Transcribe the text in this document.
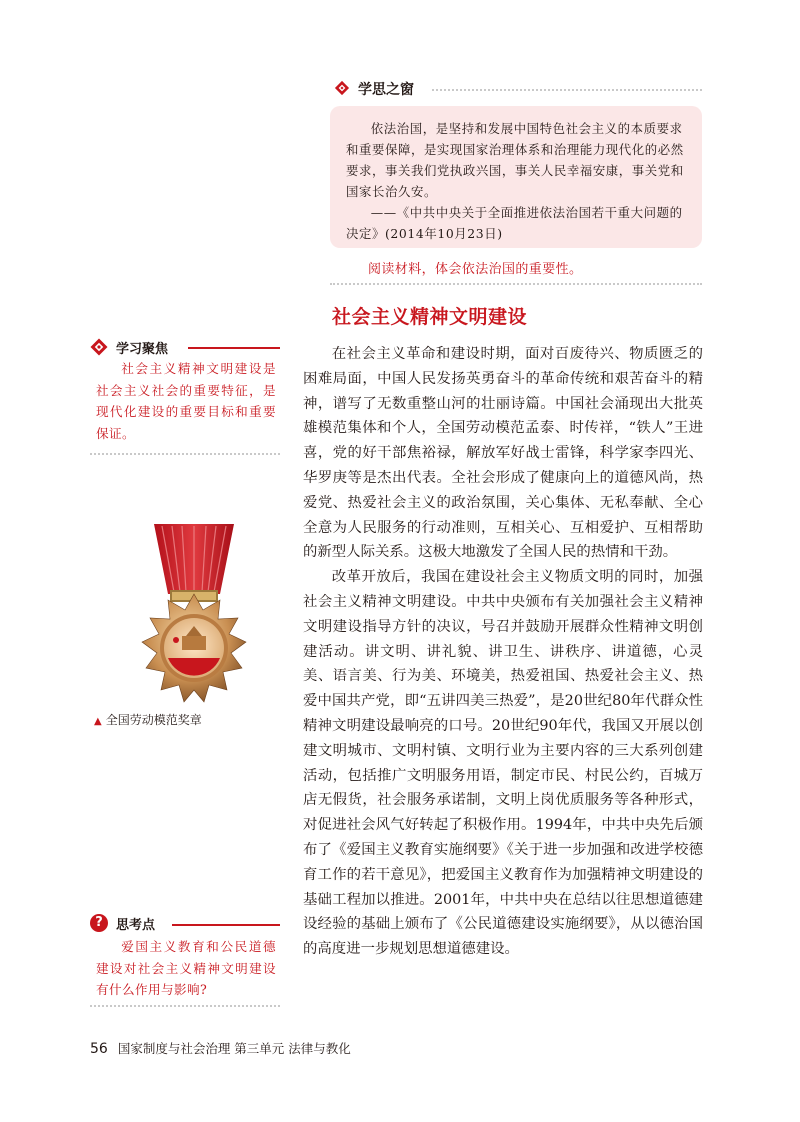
学思之窗

依法治国，是坚持和发展中国特色社会主义的本质要求和重要保障，是实现国家治理体系和治理能力现代化的必然要求，事关我们党执政兴国，事关人民幸福安康，事关党和国家长治久安。

——《中共中央关于全面推进依法治国若干重大问题的决定》(2014年10月23日)

阅读材料，体会依法治国的重要性。
社会主义精神文明建设

在社会主义革命和建设时期，面对百废待兴、物质匮乏的困难局面，中国人民发扬英勇奋斗的革命传统和艰苦奋斗的精神，谱写了无数重整山河的壮丽诗篇。中国社会涌现出大批英雄模范集体和个人，全国劳动模范孟泰、时传祥，“铁人”王进喜，党的好干部焦裕禄，解放军好战士雷锋，科学家李四光、华罗庚等是杰出代表。全社会形成了健康向上的道德风尚，热爱党、热爱社会主义的政治氛围，关心集体、无私奉献、全心全意为人民服务的行动准则，互相关心、互相爱护、互相帮助的新型人际关系。这极大地激发了全国人民的热情和干劲。

改革开放后，我国在建设社会主义物质文明的同时，加强社会主义精神文明建设。中共中央颁布有关加强社会主义精神文明建设指导方针的决议，号召并鼓励开展群众性精神文明创建活动。讲文明、讲礼貌、讲卫生、讲秩序、讲道德，心灵美、语言美、行为美、环境美，热爱祖国、热爱社会主义、热爱中国共产党，即“五讲四美三热爱”，是20世纪80年代群众性精神文明建设最响亮的口号。20世纪90年代，我国又开展以创建文明城市、文明村镇、文明行业为主要内容的三大系列创建活动，包括推广文明服务用语，制定市民、村民公约，百城万店无假货，社会服务承诺制，文明上岗优质服务等各种形式，对促进社会风气好转起了积极作用。1994年，中共中央先后颁布了《爱国主义教育实施纲要》《关于进一步加强和改进学校德育工作的若干意见》，把爱国主义教育作为加强精神文明建设的基础工程加以推进。2001年，中共中央在总结以往思想道德建设经验的基础上颁布了《公民道德建设实施纲要》，从以德治国的高度进一步规划思想道德建设。

学习聚焦
社会主义精神文明建设是社会主义社会的重要特征，是现代化建设的重要目标和重要保证。
▲ 全国劳动模范奖章
?	思考点
爱国主义教育和公民道德建设对社会主义精神文明建设有什么作用与影响?
56 国家制度与社会治理 第三单元 法律与教化
